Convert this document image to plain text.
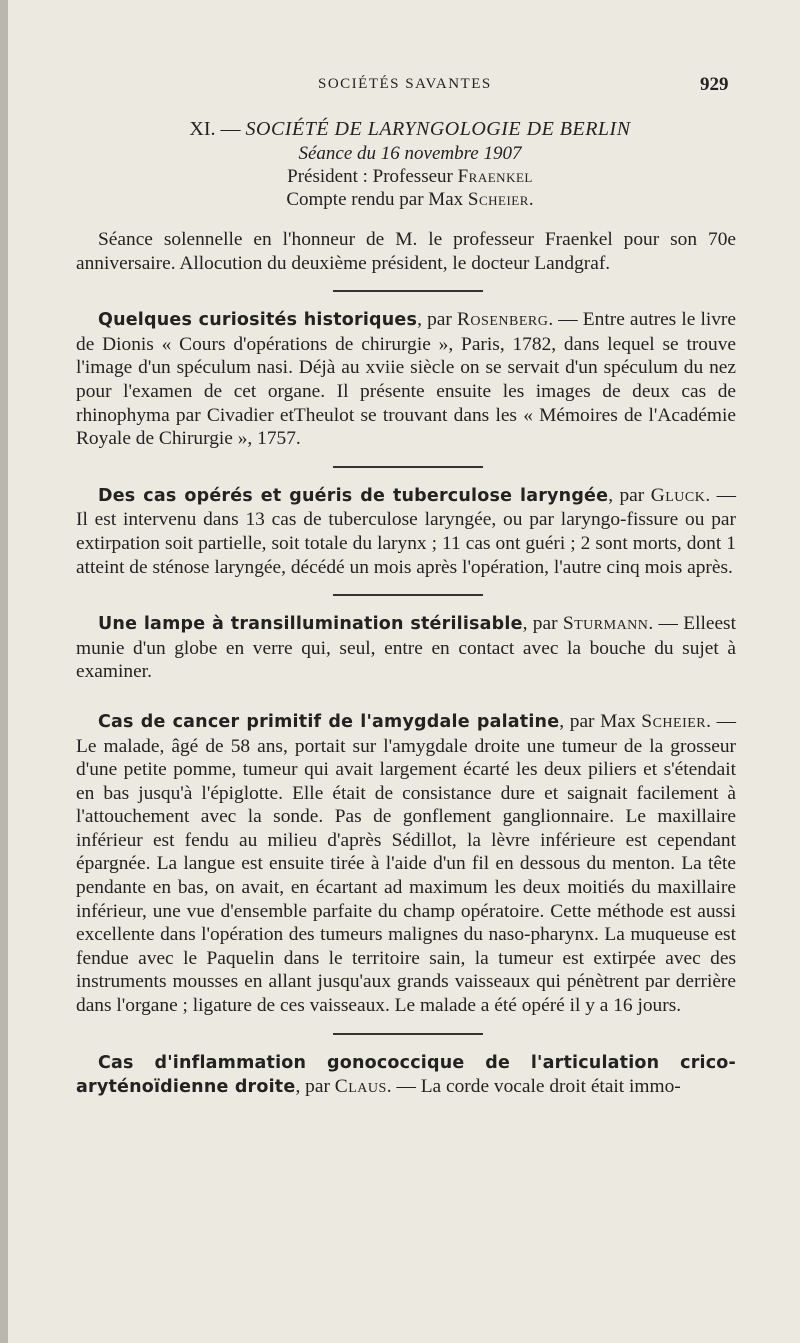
SOCIÉTÉS SAVANTES	929
XI. — SOCIÉTÉ DE LARYNGOLOGIE DE BERLIN
Séance du 16 novembre 1907
Président : Professeur Fraenkel
Compte rendu par Max Scheier.

Séance solennelle en l'honneur de M. le professeur Fraenkel pour son 70e anniversaire. Allocution du deuxième président, le docteur Landgraf.

Quelques curiosités historiques, par Rosenberg. — Entre autres le livre de Dionis « Cours d'opérations de chirurgie », Paris, 1782, dans lequel se trouve l'image d'un spéculum nasi. Déjà au xviie siècle on se servait d'un spéculum du nez pour l'examen de cet organe. Il présente ensuite les images de deux cas de rhinophyma par Civadier etTheulot se trouvant dans les « Mémoires de l'Académie Royale de Chirurgie », 1757.

Des cas opérés et guéris de tuberculose laryngée, par Gluck. — Il est intervenu dans 13 cas de tuberculose laryngée, ou par laryngo-fissure ou par extirpation soit partielle, soit totale du larynx ; 11 cas ont guéri ; 2 sont morts, dont 1 atteint de sténose laryngée, décédé un mois après l'opération, l'autre cinq mois après.

Une lampe à transillumination stérilisable, par Sturmann. — Elleest munie d'un globe en verre qui, seul, entre en contact avec la bouche du sujet à examiner.

Cas de cancer primitif de l'amygdale palatine, par Max Scheier. — Le malade, âgé de 58 ans, portait sur l'amygdale droite une tumeur de la grosseur d'une petite pomme, tumeur qui avait largement écarté les deux piliers et s'étendait en bas jusqu'à l'épiglotte. Elle était de consistance dure et saignait facilement à l'attouchement avec la sonde. Pas de gonflement ganglionnaire. Le maxillaire inférieur est fendu au milieu d'après Sédillot, la lèvre inférieure est cependant épargnée. La langue est ensuite tirée à l'aide d'un fil en dessous du menton. La tête pendante en bas, on avait, en écartant ad maximum les deux moitiés du maxillaire inférieur, une vue d'ensemble parfaite du champ opératoire. Cette méthode est aussi excellente dans l'opération des tumeurs malignes du naso-pharynx. La muqueuse est fendue avec le Paquelin dans le territoire sain, la tumeur est extirpée avec des instruments mousses en allant jusqu'aux grands vaisseaux qui pénètrent par derrière dans l'organe ; ligature de ces vaisseaux. Le malade a été opéré il y a 16 jours.

Cas d'inflammation gonococcique de l'articulation crico-aryténoïdienne droite, par Claus. — La corde vocale droit était immo-
